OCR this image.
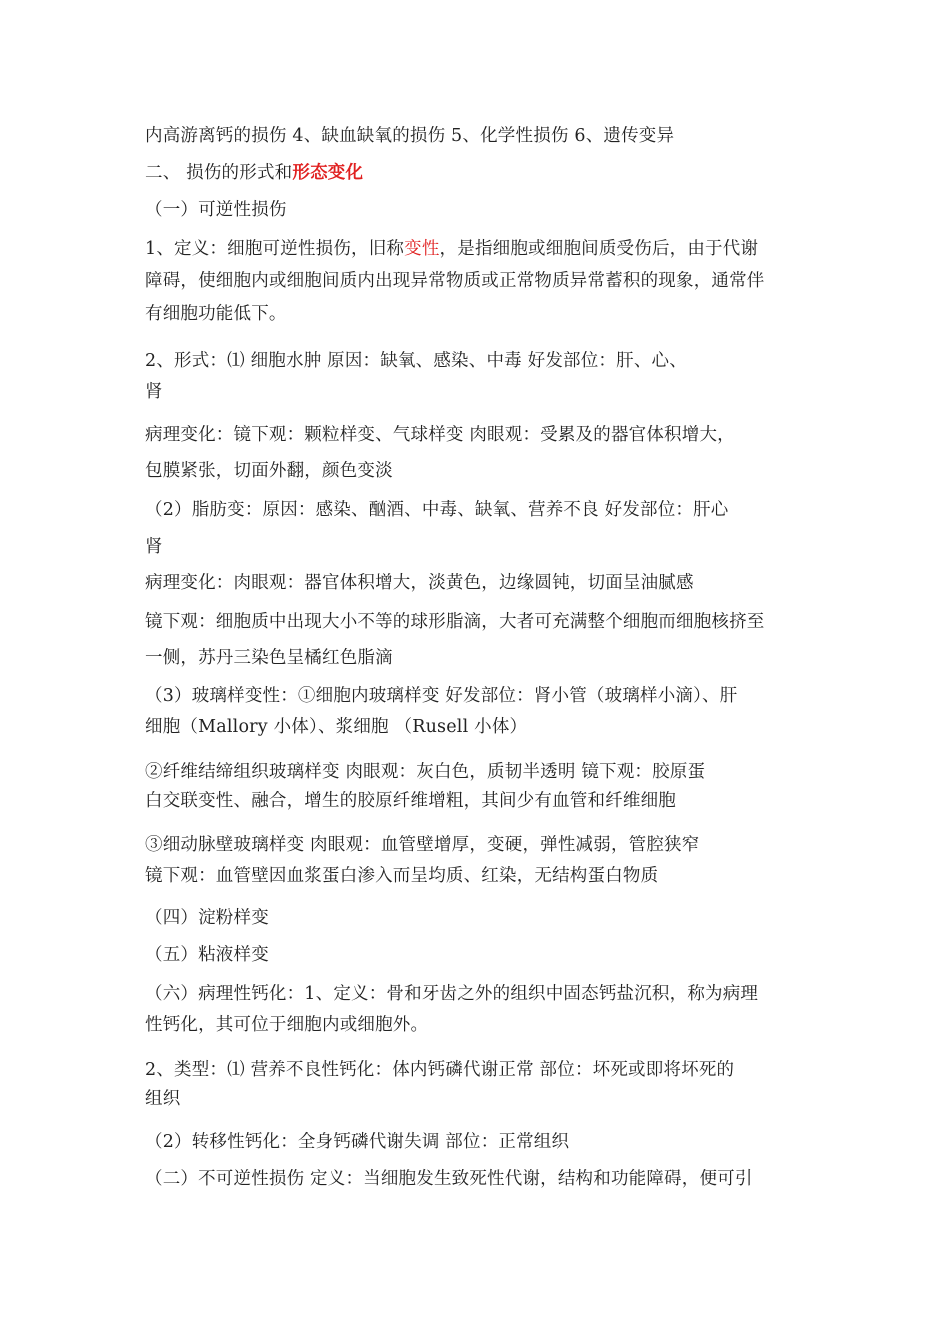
内高游离钙的损伤 4、缺血缺氧的损伤 5、化学性损伤 6、遗传变异
二、 损伤的形式和形态变化
（一）可逆性损伤
1、定义：细胞可逆性损伤，旧称变性，是指细胞或细胞间质受伤后，由于代谢
障碍，使细胞内或细胞间质内出现异常物质或正常物质异常蓄积的现象，通常伴
有细胞功能低下。
2、形式：⑴ 细胞水肿 原因：缺氧、感染、中毒 好发部位：肝、心、
肾
病理变化：镜下观：颗粒样变、气球样变 肉眼观：受累及的器官体积增大，
包膜紧张，切面外翻，颜色变淡
（2）脂肪变：原因：感染、酗酒、中毒、缺氧、营养不良 好发部位：肝心
肾
病理变化：肉眼观：器官体积增大，淡黄色，边缘圆钝，切面呈油腻感
镜下观：细胞质中出现大小不等的球形脂滴，大者可充满整个细胞而细胞核挤至
一侧，苏丹三染色呈橘红色脂滴
（3）玻璃样变性：①细胞内玻璃样变 好发部位：肾小管（玻璃样小滴）、肝
细胞（Mallory 小体）、浆细胞 （Rusell 小体）
②纤维结缔组织玻璃样变 肉眼观：灰白色，质韧半透明 镜下观：胶原蛋
白交联变性、融合，增生的胶原纤维增粗，其间少有血管和纤维细胞
③细动脉壁玻璃样变 肉眼观：血管壁增厚，变硬，弹性减弱，管腔狭窄
镜下观：血管壁因血浆蛋白渗入而呈均质、红染，无结构蛋白物质
（四）淀粉样变
（五）粘液样变
（六）病理性钙化：1、定义：骨和牙齿之外的组织中固态钙盐沉积，称为病理
性钙化，其可位于细胞内或细胞外。
2、类型：⑴ 营养不良性钙化：体内钙磷代谢正常 部位：坏死或即将坏死的
组织
（2）转移性钙化：全身钙磷代谢失调 部位：正常组织
（二）不可逆性损伤 定义：当细胞发生致死性代谢，结构和功能障碍，便可引
